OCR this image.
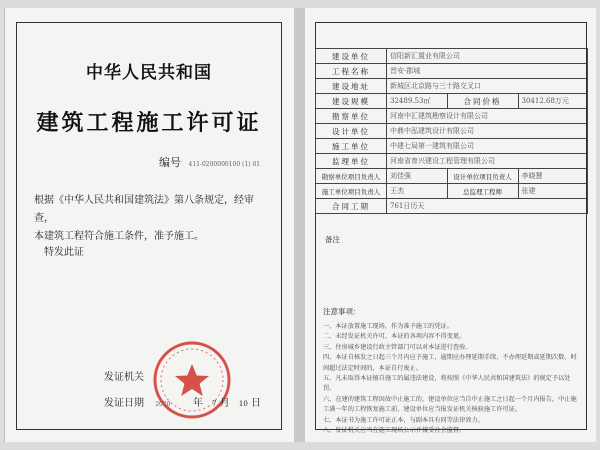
中华人民共和国
建筑工程施工许可证
编号 411-0200000100 (1) 01
根据《中华人民共和国建筑法》第八条规定，经审查，
本建筑工程符合施工条件，准予施工。
特发此证
发证机关
发证日期 2020 年 7 月 10 日
建设单位	信阳新汇置业有限公司		
工程名称	晋安·郡城		
建设地址	新城区北京路与三十路交叉口		
建设规模	32489.53㎡	合同价格	30412.68万元
勘察单位	河南中汇建筑勘察设计有限公司		
设计单位	中鼎中泓建筑设计有限公司		
施工单位	中建七局第一建筑有限公司		
监理单位	河南省育兴建设工程管理有限公司		
勘察单位项目负责人	刘佳强	设计单位项目负责人	李晓慧
施工单位项目负责人	王杰	总监理工程师	张建
合同工期	761日历天		
备注
注意事项：
一、本证放置施工现场，作为准予施工的凭证。
二、未经发证机关许可，本证的各项内容不得变更。
三、住房城乡建设行政主管部门可以对本证进行查验。
四、本证自核发之日起三个月内应予施工，逾期应办理延期手续，不办理延期或延期次数、时间超过法定时间的，本证自行废止。
五、凡未取得本证擅自施工的属违法建设，将按照《中华人民共和国建筑法》的规定予以处罚。
六、在建的建筑工程因故中止施工的，建设单位应当自中止施工之日起一个月内报告，中止施工满一年的工程恢复施工前，建设单位应当报发证机关核验施工许可证。
七、本证书为施工许可证正本，与副本具有同等法律效力。
八、发证机关应当在施工现场公示并接受社会监督。
